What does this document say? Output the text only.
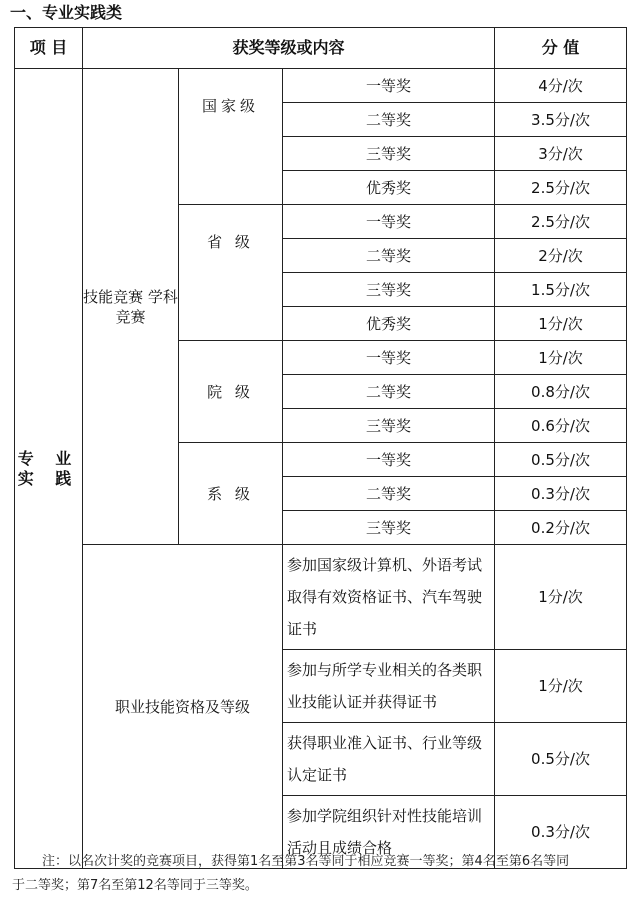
一、专业实践类
项 目	获奖等级或内容			分 值

专 业
实 践	技能竞赛 学科竞赛	国家级	一等奖	4分/次
			二等奖	3.5分/次
			三等奖	3分/次
			优秀奖	2.5分/次
		省 级	一等奖	2.5分/次
			二等奖	2分/次
			三等奖	1.5分/次
			优秀奖	1分/次
		院 级	一等奖	1分/次
			二等奖	0.8分/次
			三等奖	0.6分/次
		系 级	一等奖	0.5分/次
			二等奖	0.3分/次
			三等奖	0.2分/次
	职业技能资格及等级		参加国家级计算机、外语考试取得有效资格证书、汽车驾驶证书	1分/次
			参加与所学专业相关的各类职业技能认证并获得证书	1分/次
			获得职业准入证书、行业等级认定证书	0.5分/次
			参加学院组织针对性技能培训活动且成绩合格	0.3分/次
注：以名次计奖的竞赛项目，获得第1名至第3名等同于相应竞赛一等奖；第4名至第6名等同
于二等奖；第7名至第12名等同于三等奖。
